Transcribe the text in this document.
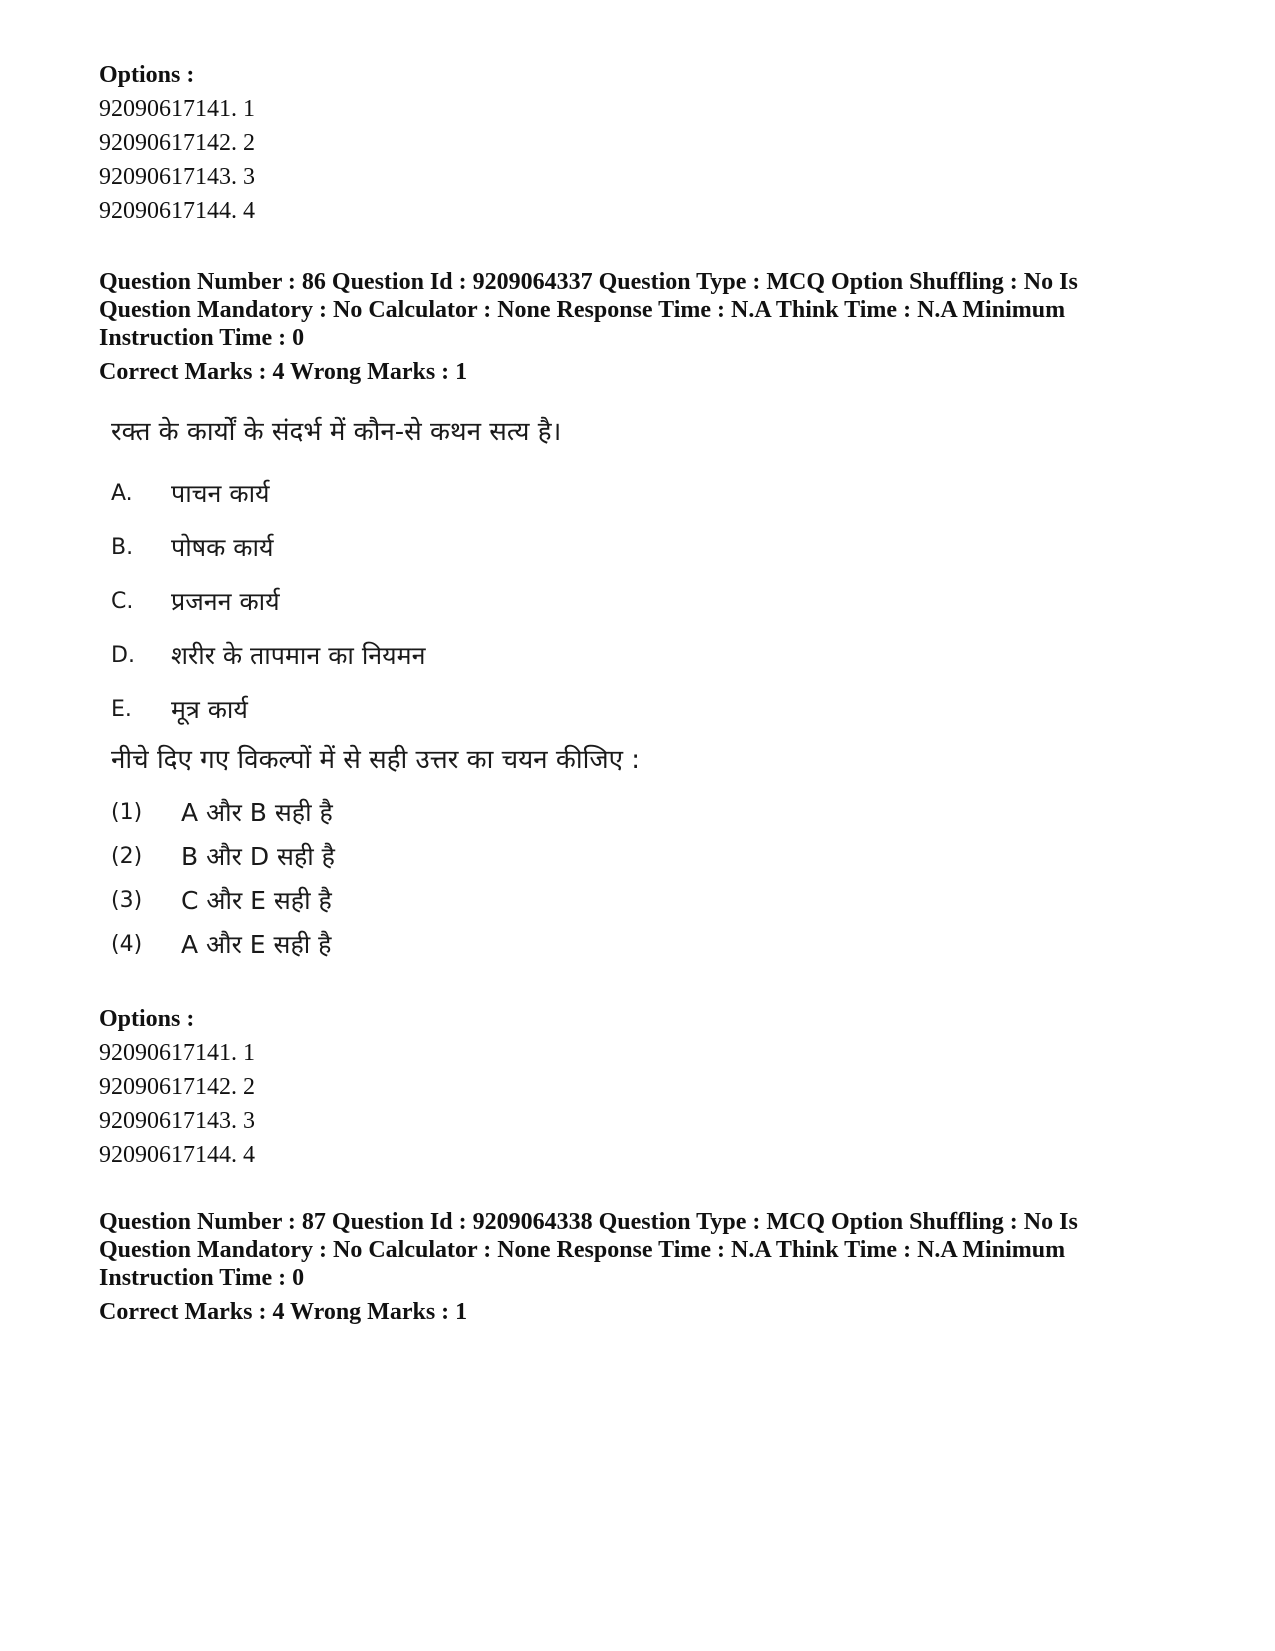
Options :
92090617141. 1
92090617142. 2
92090617143. 3
92090617144. 4
Question Number : 86 Question Id : 9209064337 Question Type : MCQ Option Shuffling : No Is
Question Mandatory : No Calculator : None Response Time : N.A Think Time : N.A Minimum
Instruction Time : 0
Correct Marks : 4 Wrong Marks : 1
रक्त के कार्यों के संदर्भ में कौन-से कथन सत्य है।
A.	पाचन कार्य
B.	पोषक कार्य
C.	प्रजनन कार्य
D.	शरीर के तापमान का नियमन
E.	मूत्र कार्य
नीचे दिए गए विकल्पों में से सही उत्तर का चयन कीजिए :
(1)	A और B सही है
(2)	B और D सही है
(3)	C और E सही है
(4)	A और E सही है
Options :
92090617141. 1
92090617142. 2
92090617143. 3
92090617144. 4
Question Number : 87 Question Id : 9209064338 Question Type : MCQ Option Shuffling : No Is
Question Mandatory : No Calculator : None Response Time : N.A Think Time : N.A Minimum
Instruction Time : 0
Correct Marks : 4 Wrong Marks : 1
